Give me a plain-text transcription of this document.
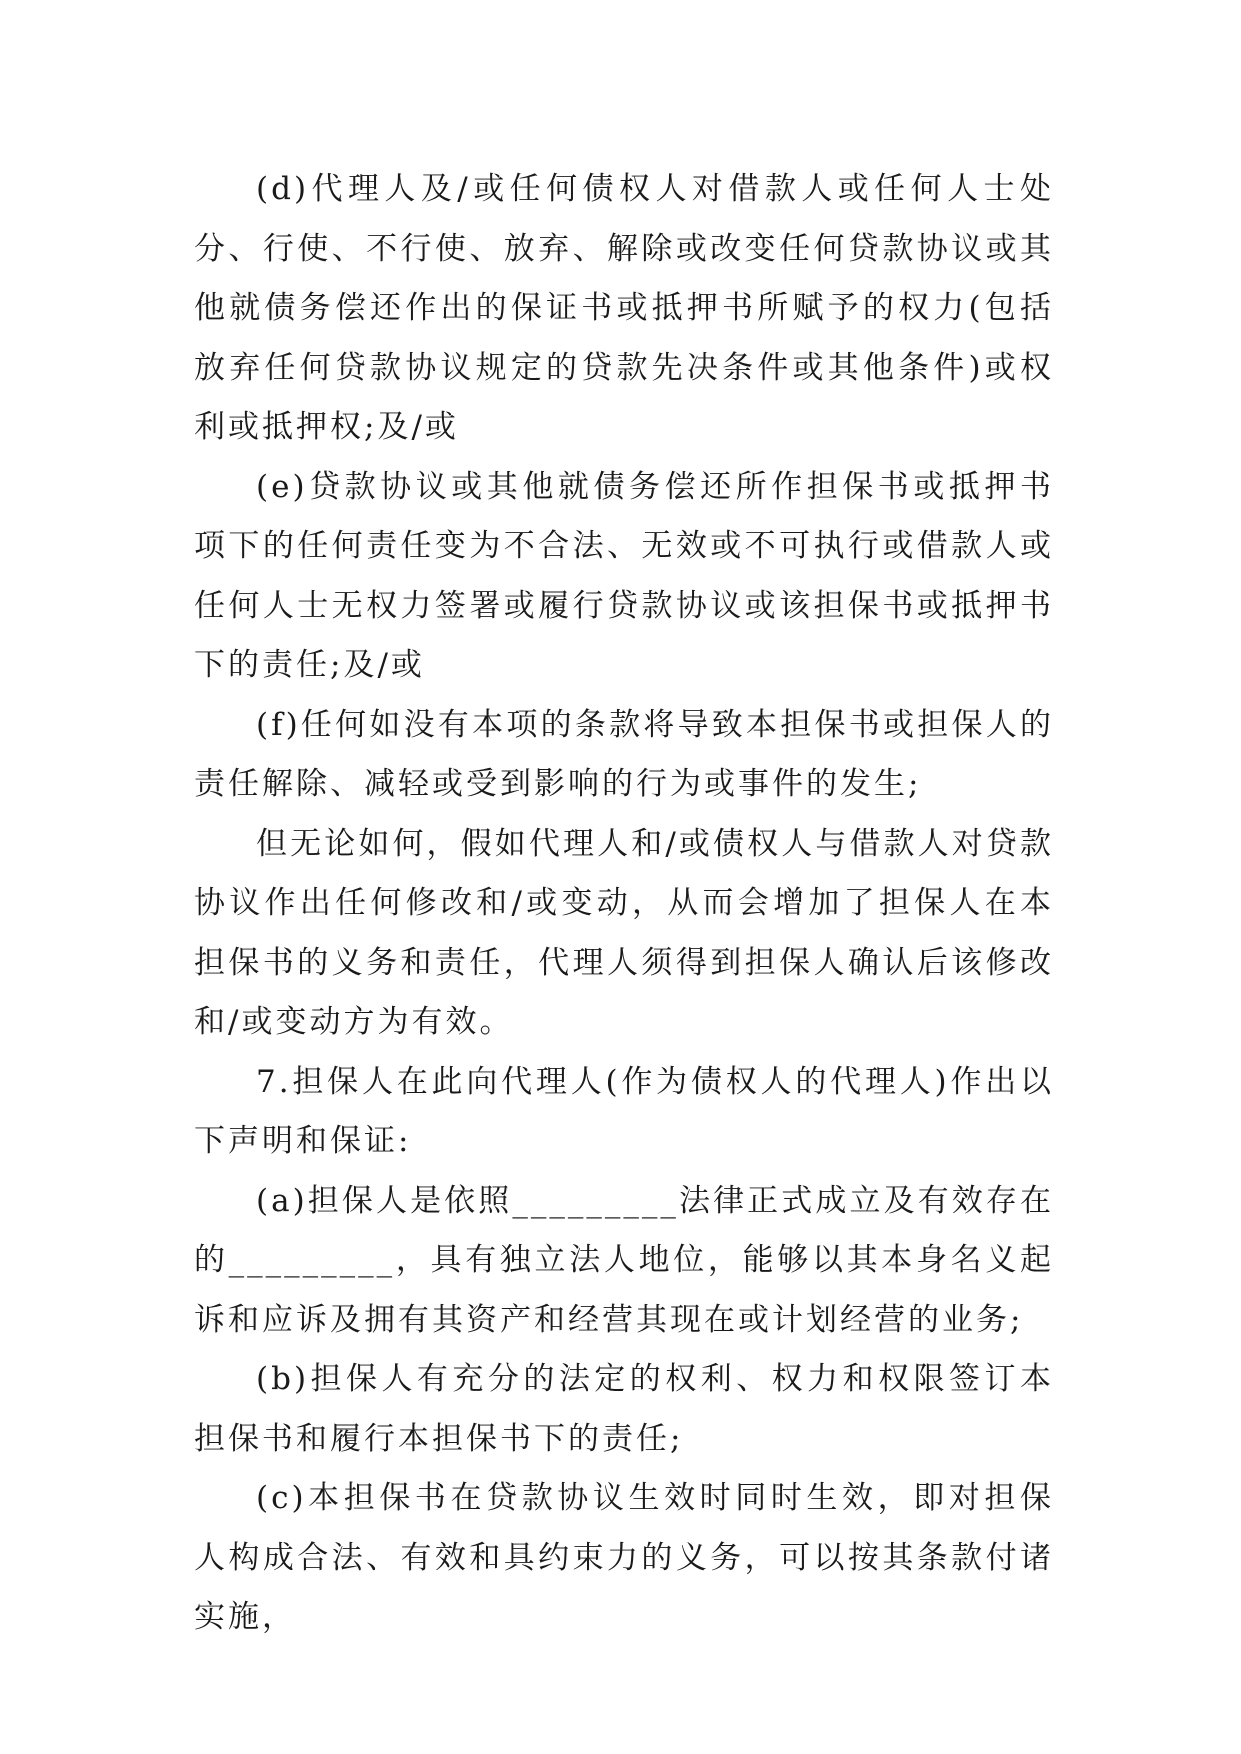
(d)代理人及/或任何债权人对借款人或任何人士处分、行使、不行使、放弃、解除或改变任何贷款协议或其他就债务偿还作出的保证书或抵押书所赋予的权力(包括放弃任何贷款协议规定的贷款先决条件或其他条件)或权利或抵押权;及/或

(e)贷款协议或其他就债务偿还所作担保书或抵押书项下的任何责任变为不合法、无效或不可执行或借款人或任何人士无权力签署或履行贷款协议或该担保书或抵押书下的责任;及/或

(f)任何如没有本项的条款将导致本担保书或担保人的责任解除、减轻或受到影响的行为或事件的发生;

但无论如何，假如代理人和/或债权人与借款人对贷款协议作出任何修改和/或变动，从而会增加了担保人在本担保书的义务和责任，代理人须得到担保人确认后该修改和/或变动方为有效。

7.担保人在此向代理人(作为债权人的代理人)作出以下声明和保证:

(a)担保人是依照_________法律正式成立及有效存在的_________，具有独立法人地位，能够以其本身名义起诉和应诉及拥有其资产和经营其现在或计划经营的业务;

(b)担保人有充分的法定的权利、权力和权限签订本担保书和履行本担保书下的责任;

(c)本担保书在贷款协议生效时同时生效，即对担保人构成合法、有效和具约束力的义务，可以按其条款付诸实施，
